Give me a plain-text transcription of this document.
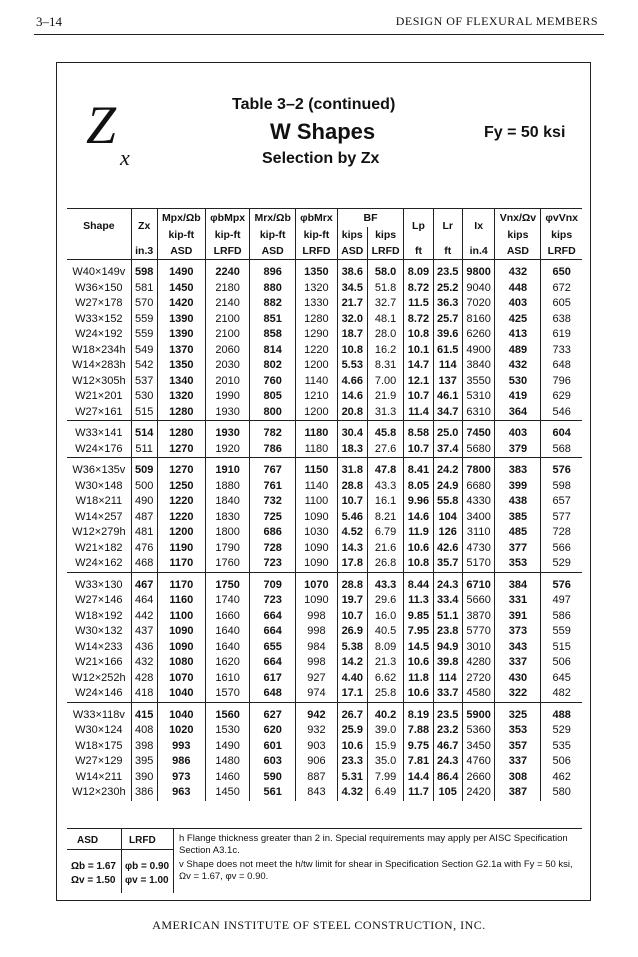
3–14	DESIGN OF FLEXURAL MEMBERS
Z
x
Table 3–2 (continued)
W Shapes
Selection by Zx
Fy = 50 ksi
Shape	Zx	Mpx/Ωb	φbMpx	Mrx/Ωb	φbMrx	BF		Lp	Lr	Ix	Vnx/Ωv	φvVnx
		kip-ft	kip-ft	kip-ft	kip-ft	kips	kips				kips	kips
	in.3	ASD	LRFD	ASD	LRFD	ASD	LRFD	ft	ft	in.4	ASD	LRFD
W40×149v	598	1490	2240	896	1350	38.6	58.0	8.09	23.5	9800	432	650
W36×150	581	1450	2180	880	1320	34.5	51.8	8.72	25.2	9040	448	672
W27×178	570	1420	2140	882	1330	21.7	32.7	11.5	36.3	7020	403	605
W33×152	559	1390	2100	851	1280	32.0	48.1	8.72	25.7	8160	425	638
W24×192	559	1390	2100	858	1290	18.7	28.0	10.8	39.6	6260	413	619
W18×234h	549	1370	2060	814	1220	10.8	16.2	10.1	61.5	4900	489	733
W14×283h	542	1350	2030	802	1200	5.53	8.31	14.7	114	3840	432	648
W12×305h	537	1340	2010	760	1140	4.66	7.00	12.1	137	3550	530	796
W21×201	530	1320	1990	805	1210	14.6	21.9	10.7	46.1	5310	419	629
W27×161	515	1280	1930	800	1200	20.8	31.3	11.4	34.7	6310	364	546
W33×141	514	1280	1930	782	1180	30.4	45.8	8.58	25.0	7450	403	604
W24×176	511	1270	1920	786	1180	18.3	27.6	10.7	37.4	5680	379	568
W36×135v	509	1270	1910	767	1150	31.8	47.8	8.41	24.2	7800	383	576
W30×148	500	1250	1880	761	1140	28.8	43.3	8.05	24.9	6680	399	598
W18×211	490	1220	1840	732	1100	10.7	16.1	9.96	55.8	4330	438	657
W14×257	487	1220	1830	725	1090	5.46	8.21	14.6	104	3400	385	577
W12×279h	481	1200	1800	686	1030	4.52	6.79	11.9	126	3110	485	728
W21×182	476	1190	1790	728	1090	14.3	21.6	10.6	42.6	4730	377	566
W24×162	468	1170	1760	723	1090	17.8	26.8	10.8	35.7	5170	353	529
W33×130	467	1170	1750	709	1070	28.8	43.3	8.44	24.3	6710	384	576
W27×146	464	1160	1740	723	1090	19.7	29.6	11.3	33.4	5660	331	497
W18×192	442	1100	1660	664	998	10.7	16.0	9.85	51.1	3870	391	586
W30×132	437	1090	1640	664	998	26.9	40.5	7.95	23.8	5770	373	559
W14×233	436	1090	1640	655	984	5.38	8.09	14.5	94.9	3010	343	515
W21×166	432	1080	1620	664	998	14.2	21.3	10.6	39.8	4280	337	506
W12×252h	428	1070	1610	617	927	4.40	6.62	11.8	114	2720	430	645
W24×146	418	1040	1570	648	974	17.1	25.8	10.6	33.7	4580	322	482
W33×118v	415	1040	1560	627	942	26.7	40.2	8.19	23.5	5900	325	488
W30×124	408	1020	1530	620	932	25.9	39.0	7.88	23.2	5360	353	529
W18×175	398	993	1490	601	903	10.6	15.9	9.75	46.7	3450	357	535
W27×129	395	986	1480	603	906	23.3	35.0	7.81	24.3	4760	337	506
W14×211	390	973	1460	590	887	5.31	7.99	14.4	86.4	2660	308	462
W12×230h	386	963	1450	561	843	4.32	6.49	11.7	105	2420	387	580
ASD	LRFD
Ωb = 1.67
Ωv = 1.50
φb = 0.90
φv = 1.00
h Flange thickness greater than 2 in. Special requirements may apply per AISC Specification Section A3.1c.
v Shape does not meet the h/tw limit for shear in Specification Section G2.1a with Fy = 50 ksi, Ωv = 1.67, φv = 0.90.
AMERICAN INSTITUTE OF STEEL CONSTRUCTION, INC.
